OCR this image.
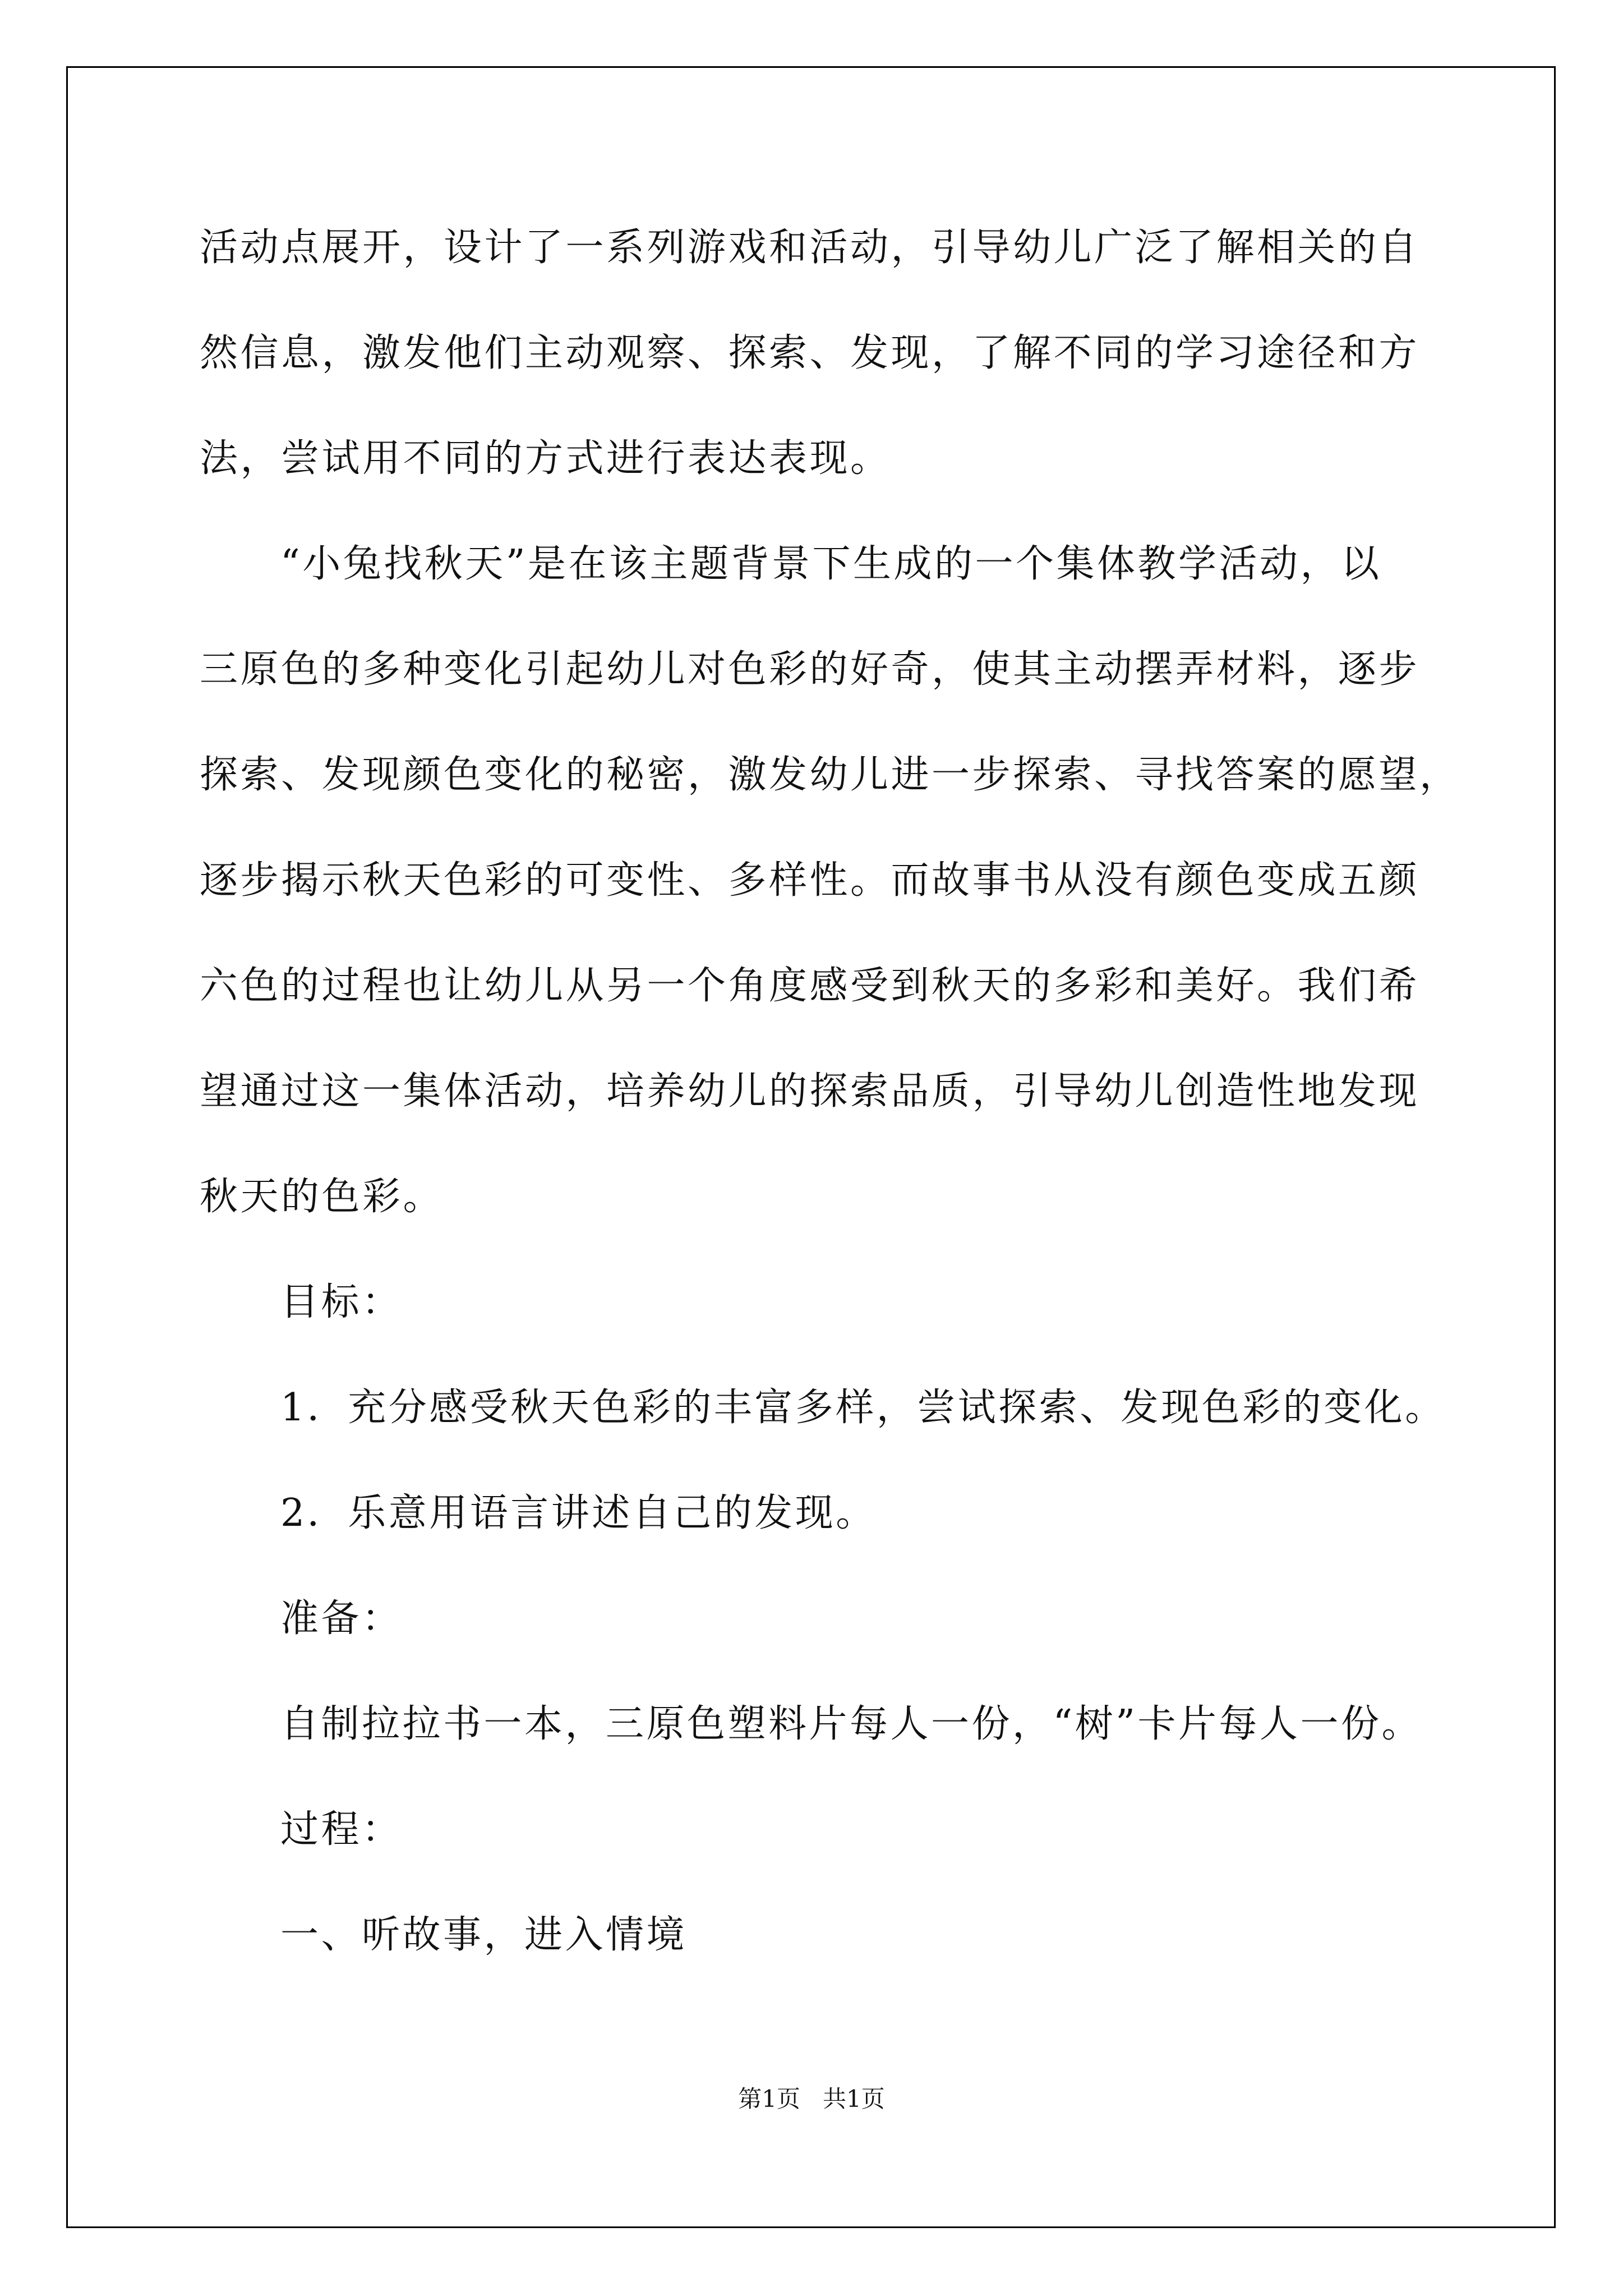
活动点展开，设计了一系列游戏和活动，引导幼儿广泛了解相关的自
然信息，激发他们主动观察、探索、发现，了解不同的学习途径和方
法，尝试用不同的方式进行表达表现。
“小兔找秋天”是在该主题背景下生成的一个集体教学活动，以
三原色的多种变化引起幼儿对色彩的好奇，使其主动摆弄材料，逐步
探索、发现颜色变化的秘密，激发幼儿进一步探索、寻找答案的愿望，
逐步揭示秋天色彩的可变性、多样性。而故事书从没有颜色变成五颜
六色的过程也让幼儿从另一个角度感受到秋天的多彩和美好。我们希
望通过这一集体活动，培养幼儿的探索品质，引导幼儿创造性地发现
秋天的色彩。
目标：
1．充分感受秋天色彩的丰富多样，尝试探索、发现色彩的变化。
2．乐意用语言讲述自己的发现。
准备：
自制拉拉书一本，三原色塑料片每人一份，“树”卡片每人一份。
过程：
一、听故事，进入情境
第1页   共1页
